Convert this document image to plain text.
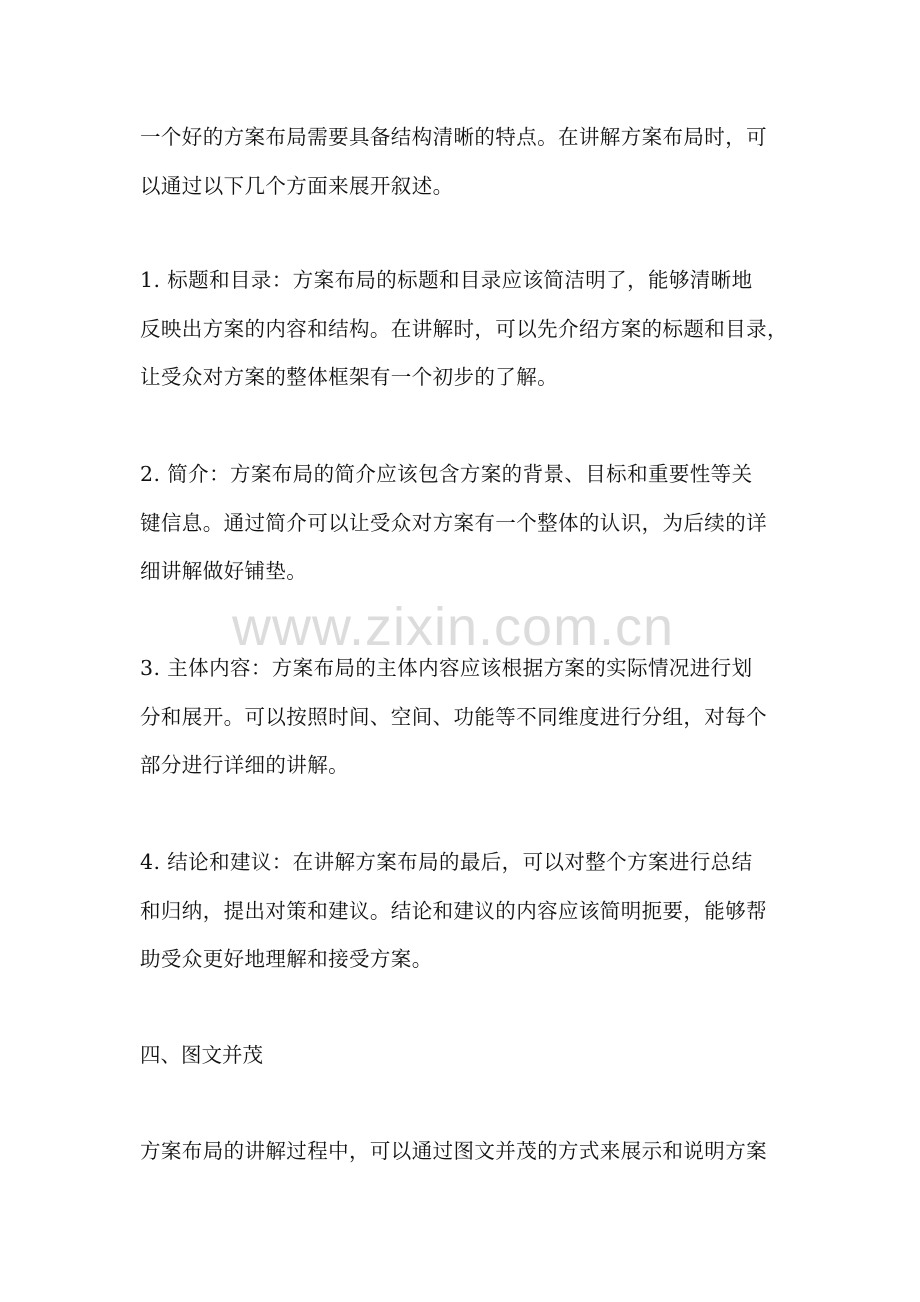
www.zixin.com.cn
一个好的方案布局需要具备结构清晰的特点。在讲解方案布局时，可
以通过以下几个方面来展开叙述。
1. 标题和目录：方案布局的标题和目录应该简洁明了，能够清晰地
反映出方案的内容和结构。在讲解时，可以先介绍方案的标题和目录，
让受众对方案的整体框架有一个初步的了解。
2. 简介：方案布局的简介应该包含方案的背景、目标和重要性等关
键信息。通过简介可以让受众对方案有一个整体的认识，为后续的详
细讲解做好铺垫。
3. 主体内容：方案布局的主体内容应该根据方案的实际情况进行划
分和展开。可以按照时间、空间、功能等不同维度进行分组，对每个
部分进行详细的讲解。
4. 结论和建议：在讲解方案布局的最后，可以对整个方案进行总结
和归纳，提出对策和建议。结论和建议的内容应该简明扼要，能够帮
助受众更好地理解和接受方案。
四、图文并茂
方案布局的讲解过程中，可以通过图文并茂的方式来展示和说明方案
